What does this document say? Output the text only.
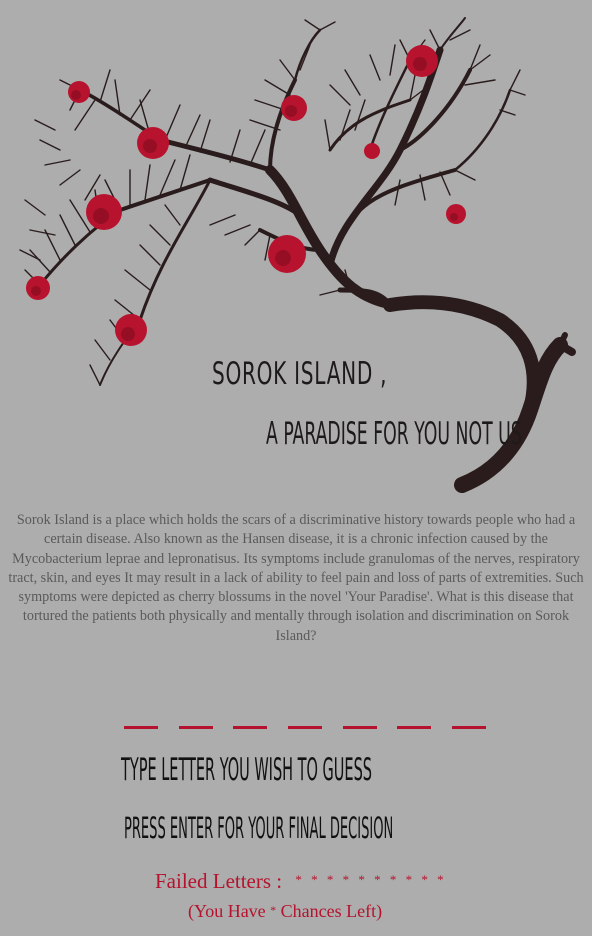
SOROK ISLAND ,
A PARADISE FOR YOU NOT US
Sorok Island is a place which holds the scars of a discriminative history towards people who had a certain disease. Also known as the Hansen disease, it is a chronic infection caused by the Mycobacterium leprae and lepronatisus. Its symptoms include granulomas of the nerves, respiratory tract, skin, and eyes It may result in a lack of ability to feel pain and loss of parts of extremities. Such symptoms were depicted as cherry blossums in the novel 'Your Paradise'. What is this disease that tortured the patients both physically and mentally through isolation and discrimination on Sorok Island?
TYPE LETTER YOU WISH TO GUESS
PRESS ENTER FOR YOUR FINAL DECISION
Failed Letters : * * * * * * * * * *
(You Have * Chances Left)
